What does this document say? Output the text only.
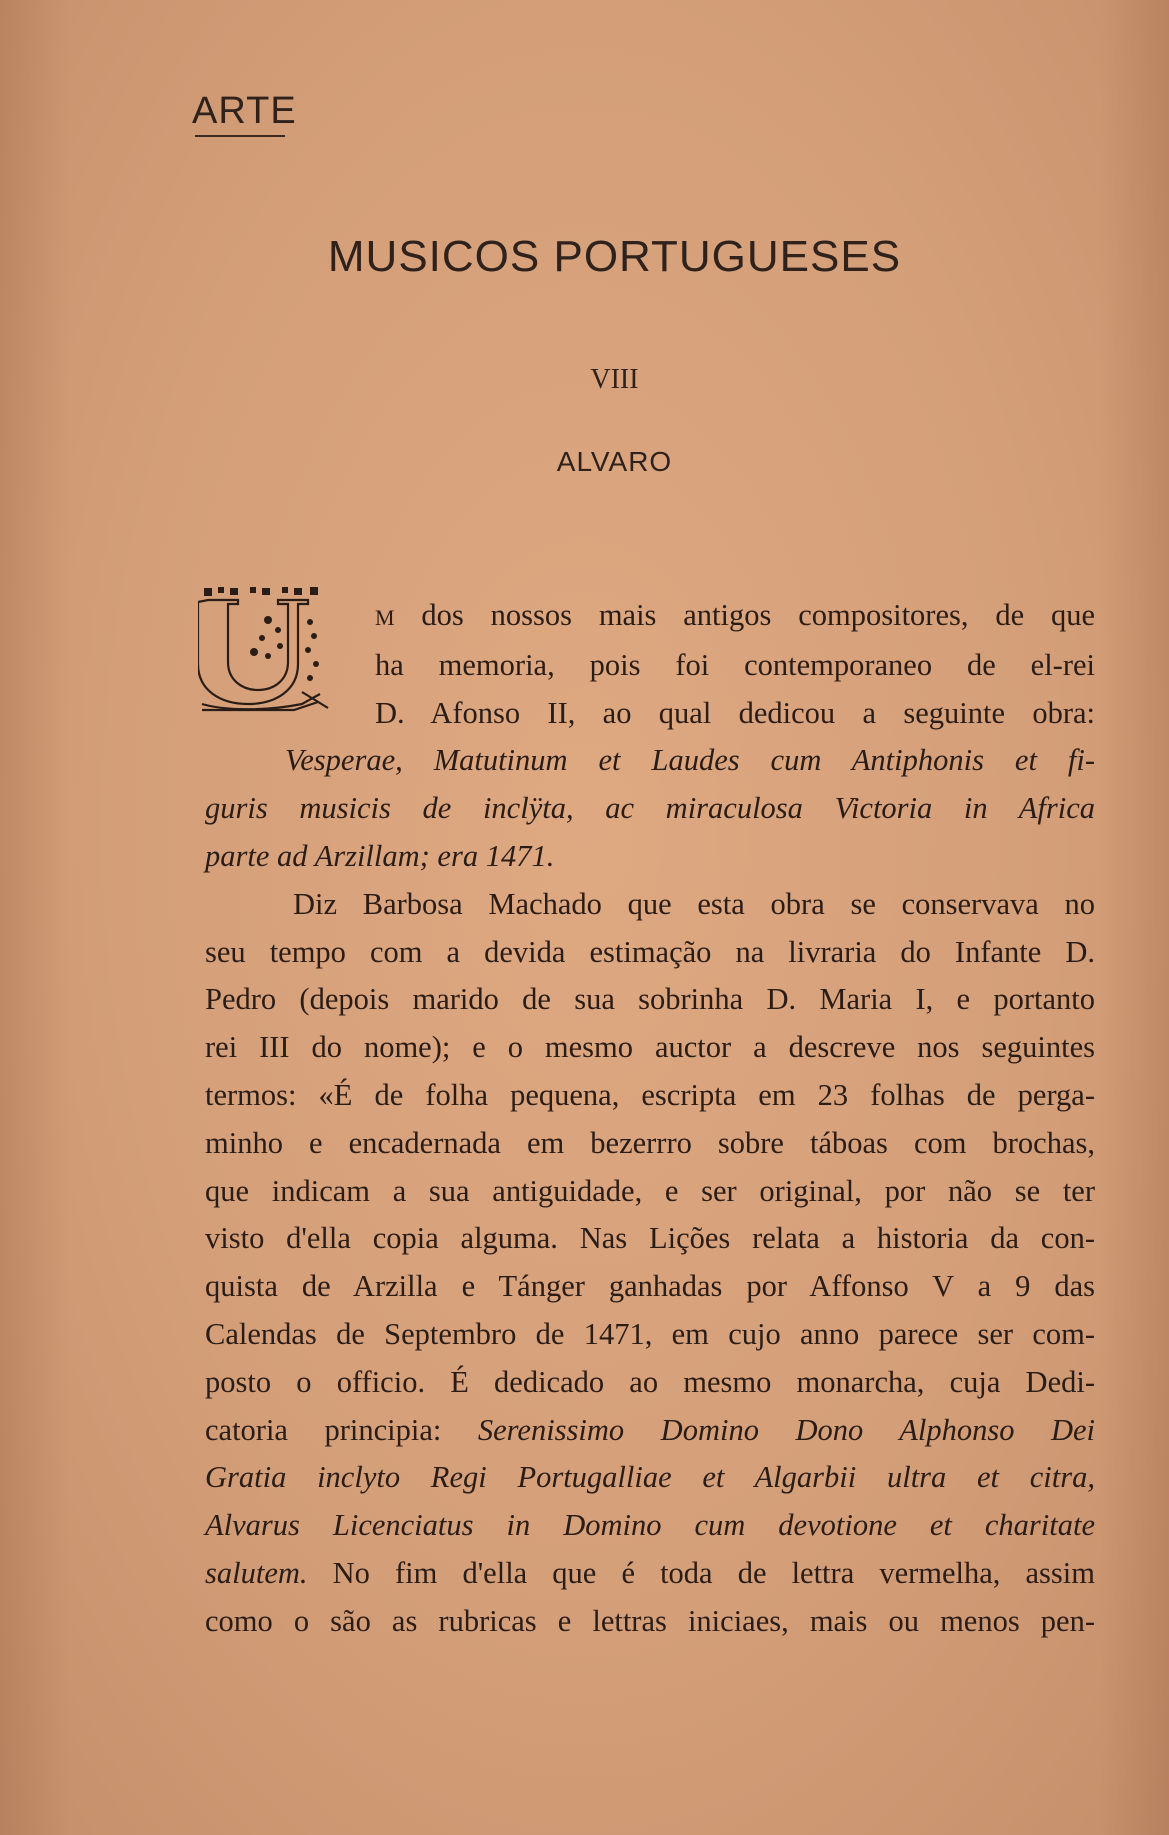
ARTE
MUSICOS PORTUGUESES
VIII
ALVARO
M dos nossos mais antigos compositores, de que
ha memoria, pois foi contemporaneo de el-rei
D. Afonso II, ao qual dedicou a seguinte obra:
Vesperae, Matutinum et Laudes cum Antiphonis et fi-
guris musicis de inclÿta, ac miraculosa Victoria in Africa
parte ad Arzillam; era 1471.
Diz Barbosa Machado que esta obra se conservava no
seu tempo com a devida estimação na livraria do Infante D.
Pedro (depois marido de sua sobrinha D. Maria I, e portanto
rei III do nome); e o mesmo auctor a descreve nos seguintes
termos: «É de folha pequena, escripta em 23 folhas de perga-
minho e encadernada em bezerrro sobre tábоas com brochas,
que indicam a sua antiguidade, e ser original, por não se ter
visto d'ella copia alguma. Nas Lições relata a historia da con-
quista de Arzilla e Tánger ganhadas por Affonso V a 9 das
Calendas de Septembro de 1471, em cujo anno parece ser com-
posto o officio. É dedicado ao mesmo monarcha, cuja Dedi-
catoria principia: Serenissimo Domino Dono Alphonso Dei
Gratia inclyto Regi Portugalliae et Algarbii ultra et citra,
Alvarus Licenciatus in Domino cum devotione et charitate
salutem. No fim d'ella que é toda de lettra vermelha, assim
como o são as rubricas e lettras iniciaes, mais ou menos pen-
